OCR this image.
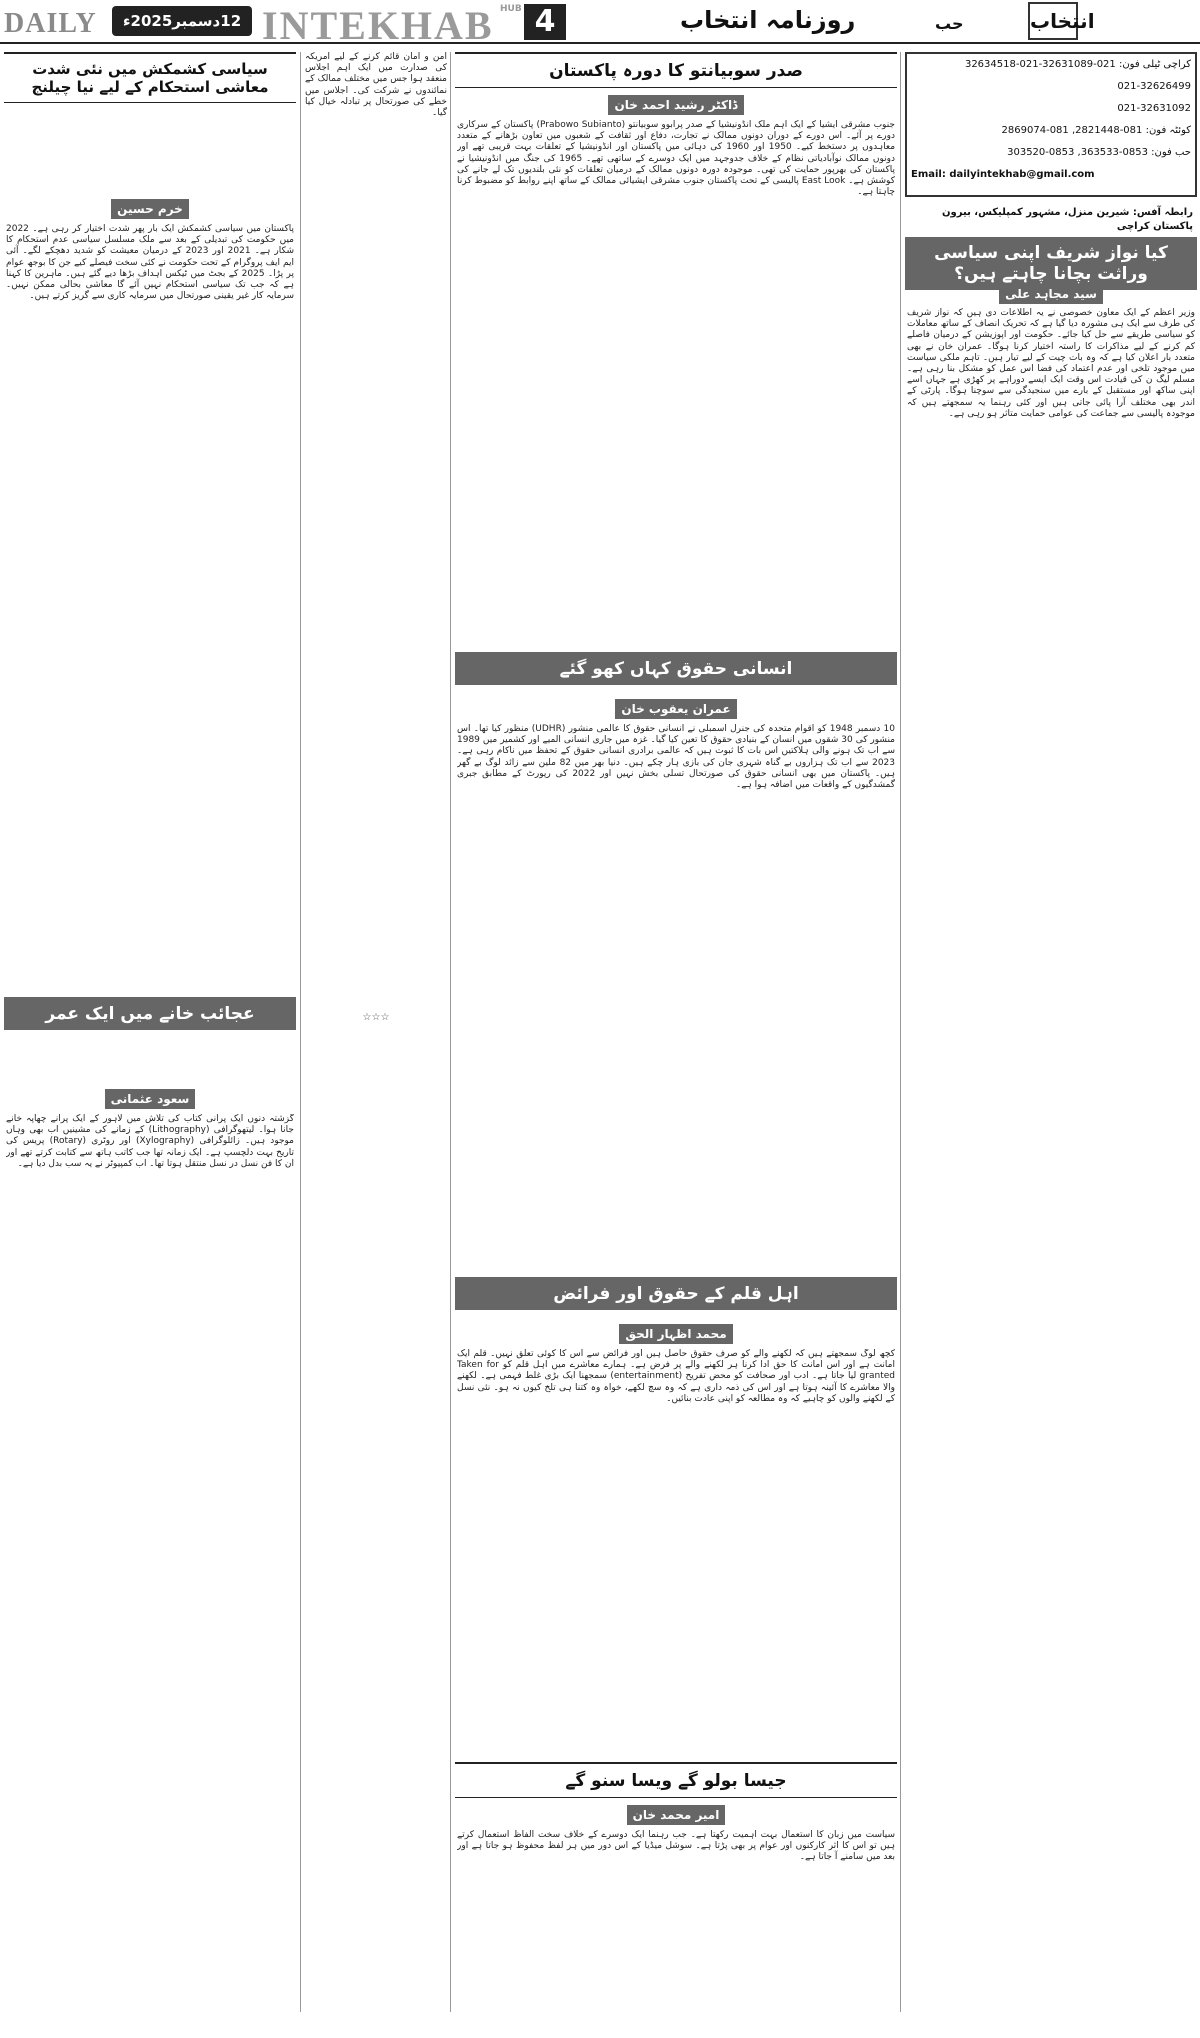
DAILY	12دسمبر2025ء INTEKHAB HUB 4	روزنامہ انتخاب	حب	انتخاب
کراچی ٹیلی فون: 021-32631089-021-32634518
021-32626499
021-32631092
کوئٹہ فون: 081-2821448, 081-2869074
حب فون: 0853-363533, 0853-303520
Email: dailyintekhab@gmail.com
رابطہ آفس: شیرین منزل، مشہور کمپلیکس، بیرون پاکستان کراچی
کیا نواز شریف اپنی سیاسی وراثت بچانا چاہتے ہیں؟
سید مجاہد علی
وزیر اعظم کے ایک معاون خصوصی نے یہ اطلاعات دی ہیں کہ نواز شریف کی طرف سے ایک ہی مشورہ دیا گیا ہے کہ تحریک انصاف کے ساتھ معاملات کو سیاسی طریقے سے حل کیا جائے۔ حکومت اور اپوزیشن کے درمیان فاصلے کم کرنے کے لیے مذاکرات کا راستہ اختیار کرنا ہوگا۔ عمران خان نے بھی متعدد بار اعلان کیا ہے کہ وہ بات چیت کے لیے تیار ہیں۔ تاہم ملکی سیاست میں موجود تلخی اور عدم اعتماد کی فضا اس عمل کو مشکل بنا رہی ہے۔ مسلم لیگ ن کی قیادت اس وقت ایک ایسے دوراہے پر کھڑی ہے جہاں اسے اپنی ساکھ اور مستقبل کے بارے میں سنجیدگی سے سوچنا ہوگا۔ پارٹی کے اندر بھی مختلف آرا پائی جاتی ہیں اور کئی رہنما یہ سمجھتے ہیں کہ موجودہ پالیسی سے جماعت کی عوامی حمایت متاثر ہو رہی ہے۔
صدر سوبیانتو کا دورہ پاکستان
ڈاکٹر رشید احمد خان
جنوب مشرقی ایشیا کے ایک اہم ملک انڈونیشیا کے صدر پرابوو سوبیانتو (Prabowo Subianto) پاکستان کے سرکاری دورے پر آئے۔ اس دورے کے دوران دونوں ممالک نے تجارت، دفاع اور ثقافت کے شعبوں میں تعاون بڑھانے کے متعدد معاہدوں پر دستخط کیے۔ 1950 اور 1960 کی دہائی میں پاکستان اور انڈونیشیا کے تعلقات بہت قریبی تھے اور دونوں ممالک نوآبادیاتی نظام کے خلاف جدوجہد میں ایک دوسرے کے ساتھی تھے۔ 1965 کی جنگ میں انڈونیشیا نے پاکستان کی بھرپور حمایت کی تھی۔ موجودہ دورہ دونوں ممالک کے درمیان تعلقات کو نئی بلندیوں تک لے جانے کی کوشش ہے۔ East Look پالیسی کے تحت پاکستان جنوب مشرقی ایشیائی ممالک کے ساتھ اپنے روابط کو مضبوط کرنا چاہتا ہے۔
انسانی حقوق کہاں کھو گئے
عمران یعقوب خان
10 دسمبر 1948 کو اقوام متحدہ کی جنرل اسمبلی نے انسانی حقوق کا عالمی منشور (UDHR) منظور کیا تھا۔ اس منشور کی 30 شقوں میں انسان کے بنیادی حقوق کا تعین کیا گیا۔ غزہ میں جاری انسانی المیے اور کشمیر میں 1989 سے اب تک ہونے والی ہلاکتیں اس بات کا ثبوت ہیں کہ عالمی برادری انسانی حقوق کے تحفظ میں ناکام رہی ہے۔ 2023 سے اب تک ہزاروں بے گناہ شہری جان کی بازی ہار چکے ہیں۔ دنیا بھر میں 82 ملین سے زائد لوگ بے گھر ہیں۔ پاکستان میں بھی انسانی حقوق کی صورتحال تسلی بخش نہیں اور 2022 کی رپورٹ کے مطابق جبری گمشدگیوں کے واقعات میں اضافہ ہوا ہے۔
اہل قلم کے حقوق اور فرائض
محمد اظہار الحق
کچھ لوگ سمجھتے ہیں کہ لکھنے والے کو صرف حقوق حاصل ہیں اور فرائض سے اس کا کوئی تعلق نہیں۔ قلم ایک امانت ہے اور اس امانت کا حق ادا کرنا ہر لکھنے والے پر فرض ہے۔ ہمارے معاشرے میں اہل قلم کو Taken for granted لیا جاتا ہے۔ ادب اور صحافت کو محض تفریح (entertainment) سمجھنا ایک بڑی غلط فہمی ہے۔ لکھنے والا معاشرے کا آئینہ ہوتا ہے اور اس کی ذمہ داری ہے کہ وہ سچ لکھے، خواہ وہ کتنا ہی تلخ کیوں نہ ہو۔ نئی نسل کے لکھنے والوں کو چاہیے کہ وہ مطالعہ کو اپنی عادت بنائیں۔
جیسا بولو گے ویسا سنو گے
امیر محمد خان
سیاست میں زبان کا استعمال بہت اہمیت رکھتا ہے۔ جب رہنما ایک دوسرے کے خلاف سخت الفاظ استعمال کرتے ہیں تو اس کا اثر کارکنوں اور عوام پر بھی پڑتا ہے۔ سوشل میڈیا کے اس دور میں ہر لفظ محفوظ ہو جاتا ہے اور بعد میں سامنے آ جاتا ہے۔
امن و امان قائم کرنے کے لیے امریکہ کی صدارت میں ایک اہم اجلاس منعقد ہوا جس میں مختلف ممالک کے نمائندوں نے شرکت کی۔ اجلاس میں خطے کی صورتحال پر تبادلہ خیال کیا گیا۔
☆☆☆
سیاسی کشمکش میں نئی شدت معاشی استحکام کے لیے نیا چیلنج
خرم حسین
پاکستان میں سیاسی کشمکش ایک بار پھر شدت اختیار کر رہی ہے۔ 2022 میں حکومت کی تبدیلی کے بعد سے ملک مسلسل سیاسی عدم استحکام کا شکار ہے۔ 2021 اور 2023 کے درمیان معیشت کو شدید دھچکے لگے۔ آئی ایم ایف پروگرام کے تحت حکومت نے کئی سخت فیصلے کیے جن کا بوجھ عوام پر پڑا۔ 2025 کے بجٹ میں ٹیکس اہداف بڑھا دیے گئے ہیں۔ ماہرین کا کہنا ہے کہ جب تک سیاسی استحکام نہیں آئے گا معاشی بحالی ممکن نہیں۔ سرمایہ کار غیر یقینی صورتحال میں سرمایہ کاری سے گریز کرتے ہیں۔
عجائب خانے میں ایک عمر
سعود عثمانی
گزشتہ دنوں ایک پرانی کتاب کی تلاش میں لاہور کے ایک پرانے چھاپہ خانے جانا ہوا۔ لیتھوگرافی (Lithography) کے زمانے کی مشینیں اب بھی وہاں موجود ہیں۔ زائلوگرافی (Xylography) اور روٹری (Rotary) پریس کی تاریخ بہت دلچسپ ہے۔ ایک زمانہ تھا جب کاتب ہاتھ سے کتابت کرتے تھے اور ان کا فن نسل در نسل منتقل ہوتا تھا۔ اب کمپیوٹر نے یہ سب بدل دیا ہے۔
